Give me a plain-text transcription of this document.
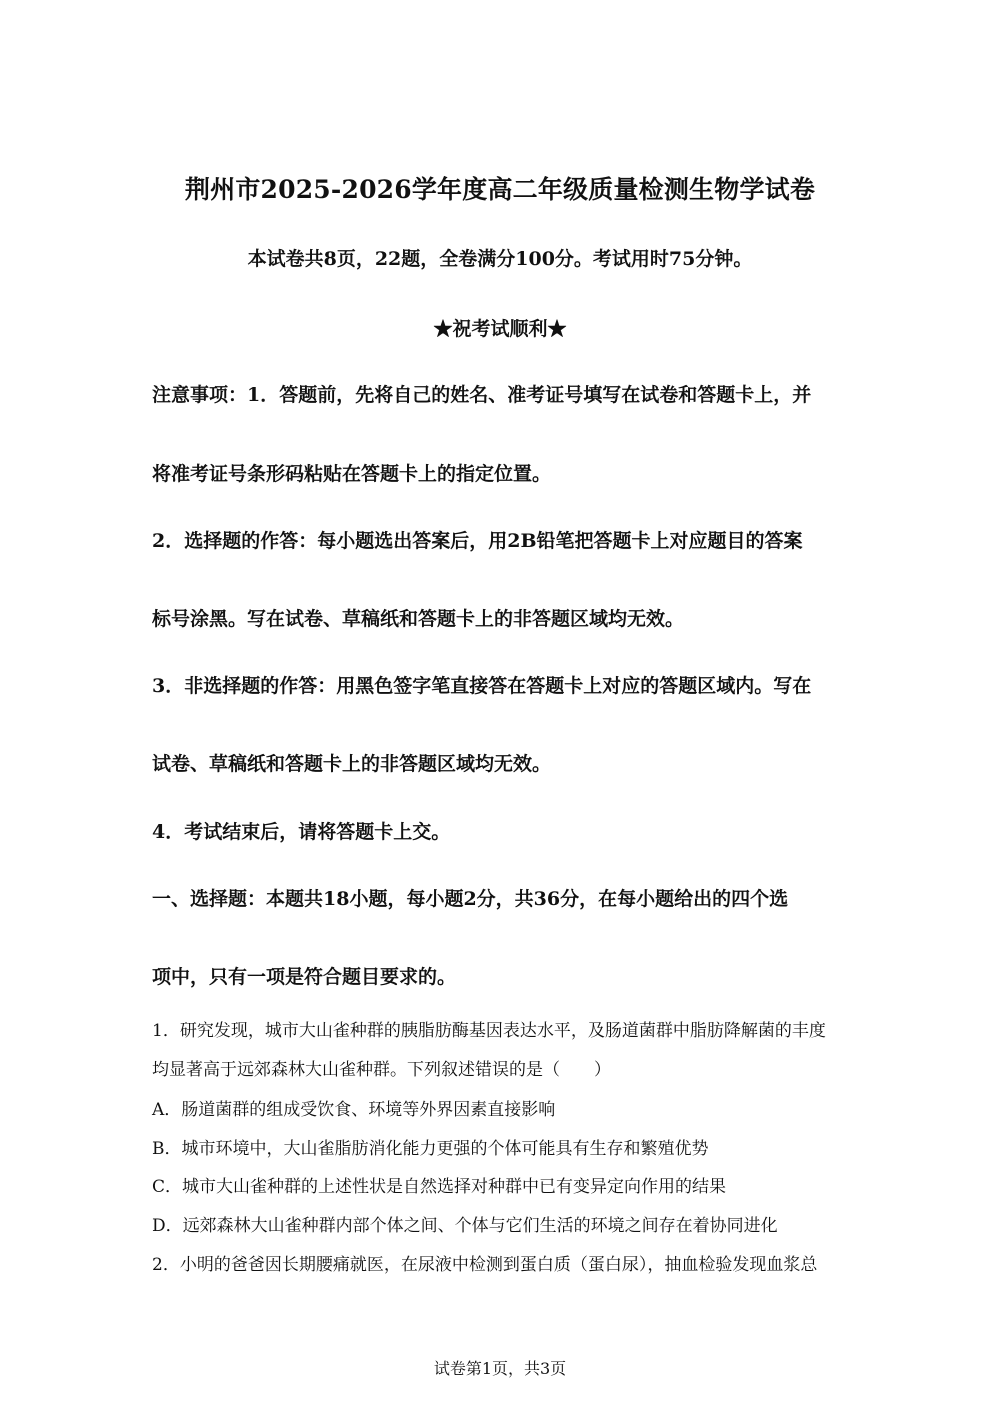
荆州市2025-2026学年度高二年级质量检测生物学试卷
本试卷共8页，22题，全卷满分100分。考试用时75分钟。
★祝考试顺利★
注意事项：1．答题前，先将自己的姓名、准考证号填写在试卷和答题卡上，并
将准考证号条形码粘贴在答题卡上的指定位置。
2．选择题的作答：每小题选出答案后，用2B铅笔把答题卡上对应题目的答案
标号涂黑。写在试卷、草稿纸和答题卡上的非答题区域均无效。
3．非选择题的作答：用黑色签字笔直接答在答题卡上对应的答题区域内。写在
试卷、草稿纸和答题卡上的非答题区域均无效。
4．考试结束后，请将答题卡上交。
一、选择题：本题共18小题，每小题2分，共36分，在每小题给出的四个选
项中，只有一项是符合题目要求的。
1．研究发现，城市大山雀种群的胰脂肪酶基因表达水平，及肠道菌群中脂肪降解菌的丰度
均显著高于远郊森林大山雀种群。下列叙述错误的是（　　）
A．肠道菌群的组成受饮食、环境等外界因素直接影响
B．城市环境中，大山雀脂肪消化能力更强的个体可能具有生存和繁殖优势
C．城市大山雀种群的上述性状是自然选择对种群中已有变异定向作用的结果
D．远郊森林大山雀种群内部个体之间、个体与它们生活的环境之间存在着协同进化
2．小明的爸爸因长期腰痛就医，在尿液中检测到蛋白质（蛋白尿），抽血检验发现血浆总
试卷第1页，共3页
